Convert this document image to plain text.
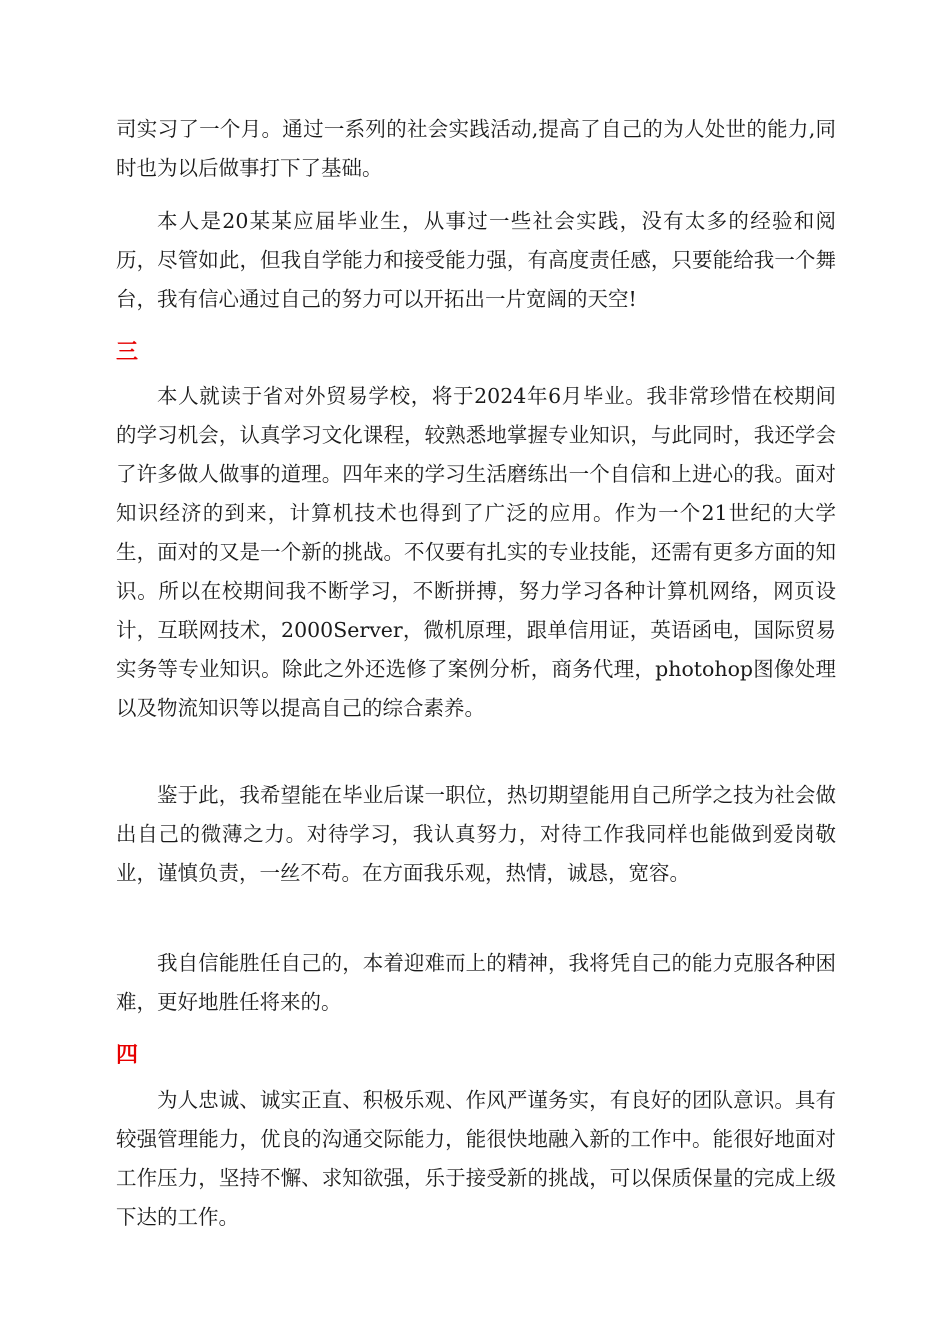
司实习了一个月。通过一系列的社会实践活动,提高了自己的为人处世的能力,同时也为以后做事打下了基础。

本人是20某某应届毕业生，从事过一些社会实践，没有太多的经验和阅历，尽管如此，但我自学能力和接受能力强，有高度责任感，只要能给我一个舞台，我有信心通过自己的努力可以开拓出一片宽阔的天空!

三

本人就读于省对外贸易学校，将于2024年6月毕业。我非常珍惜在校期间的学习机会，认真学习文化课程，较熟悉地掌握专业知识，与此同时，我还学会了许多做人做事的道理。四年来的学习生活磨练出一个自信和上进心的我。面对知识经济的到来，计算机技术也得到了广泛的应用。作为一个21世纪的大学生，面对的又是一个新的挑战。不仅要有扎实的专业技能，还需有更多方面的知识。所以在校期间我不断学习，不断拼搏，努力学习各种计算机网络，网页设计，互联网技术，2000Server，微机原理，跟单信用证，英语函电，国际贸易实务等专业知识。除此之外还选修了案例分析，商务代理，photohop图像处理以及物流知识等以提高自己的综合素养。

鉴于此，我希望能在毕业后谋一职位，热切期望能用自己所学之技为社会做出自己的微薄之力。对待学习，我认真努力，对待工作我同样也能做到爱岗敬业，谨慎负责，一丝不苟。在方面我乐观，热情，诚恳，宽容。

我自信能胜任自己的，本着迎难而上的精神，我将凭自己的能力克服各种困难，更好地胜任将来的。

四

为人忠诚、诚实正直、积极乐观、作风严谨务实，有良好的团队意识。具有较强管理能力，优良的沟通交际能力，能很快地融入新的工作中。能很好地面对工作压力，坚持不懈、求知欲强，乐于接受新的挑战，可以保质保量的完成上级下达的工作。
